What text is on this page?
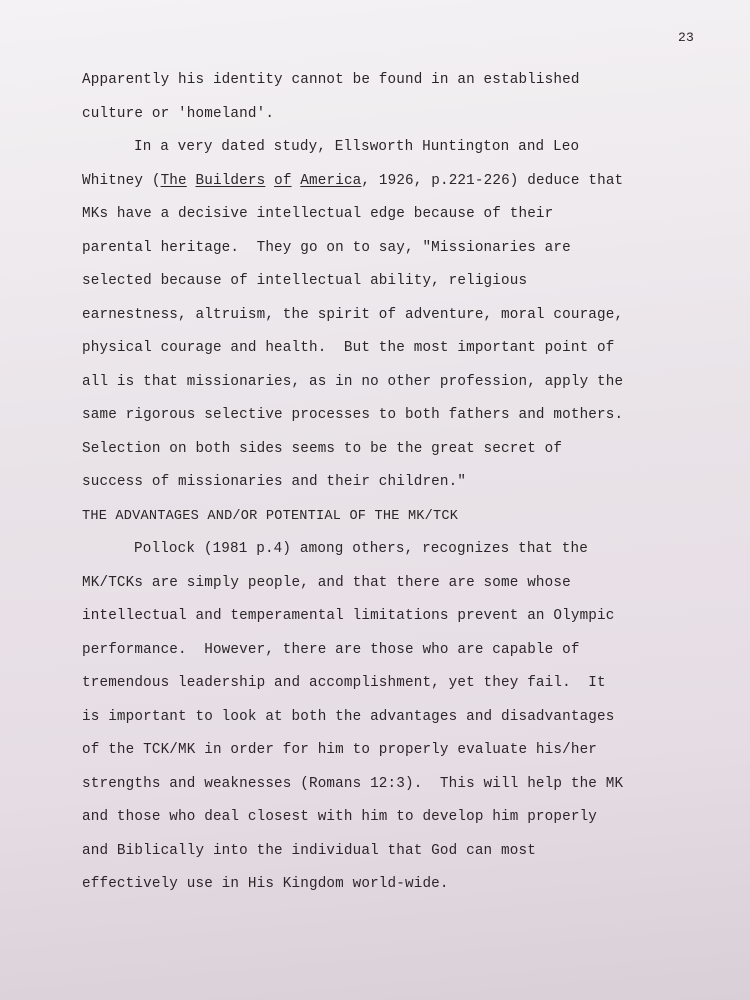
23
Apparently his identity cannot be found in an established
culture or 'homeland'.
In a very dated study, Ellsworth Huntington and Leo
Whitney (The Builders of America, 1926, p.221-226) deduce that
MKs have a decisive intellectual edge because of their
parental heritage.  They go on to say, "Missionaries are
selected because of intellectual ability, religious
earnestness, altruism, the spirit of adventure, moral courage,
physical courage and health.  But the most important point of
all is that missionaries, as in no other profession, apply the
same rigorous selective processes to both fathers and mothers.
Selection on both sides seems to be the great secret of
success of missionaries and their children."
THE ADVANTAGES AND/OR POTENTIAL OF THE MK/TCK
Pollock (1981 p.4) among others, recognizes that the
MK/TCKs are simply people, and that there are some whose
intellectual and temperamental limitations prevent an Olympic
performance.  However, there are those who are capable of
tremendous leadership and accomplishment, yet they fail.  It
is important to look at both the advantages and disadvantages
of the TCK/MK in order for him to properly evaluate his/her
strengths and weaknesses (Romans 12:3).  This will help the MK
and those who deal closest with him to develop him properly
and Biblically into the individual that God can most
effectively use in His Kingdom world-wide.
